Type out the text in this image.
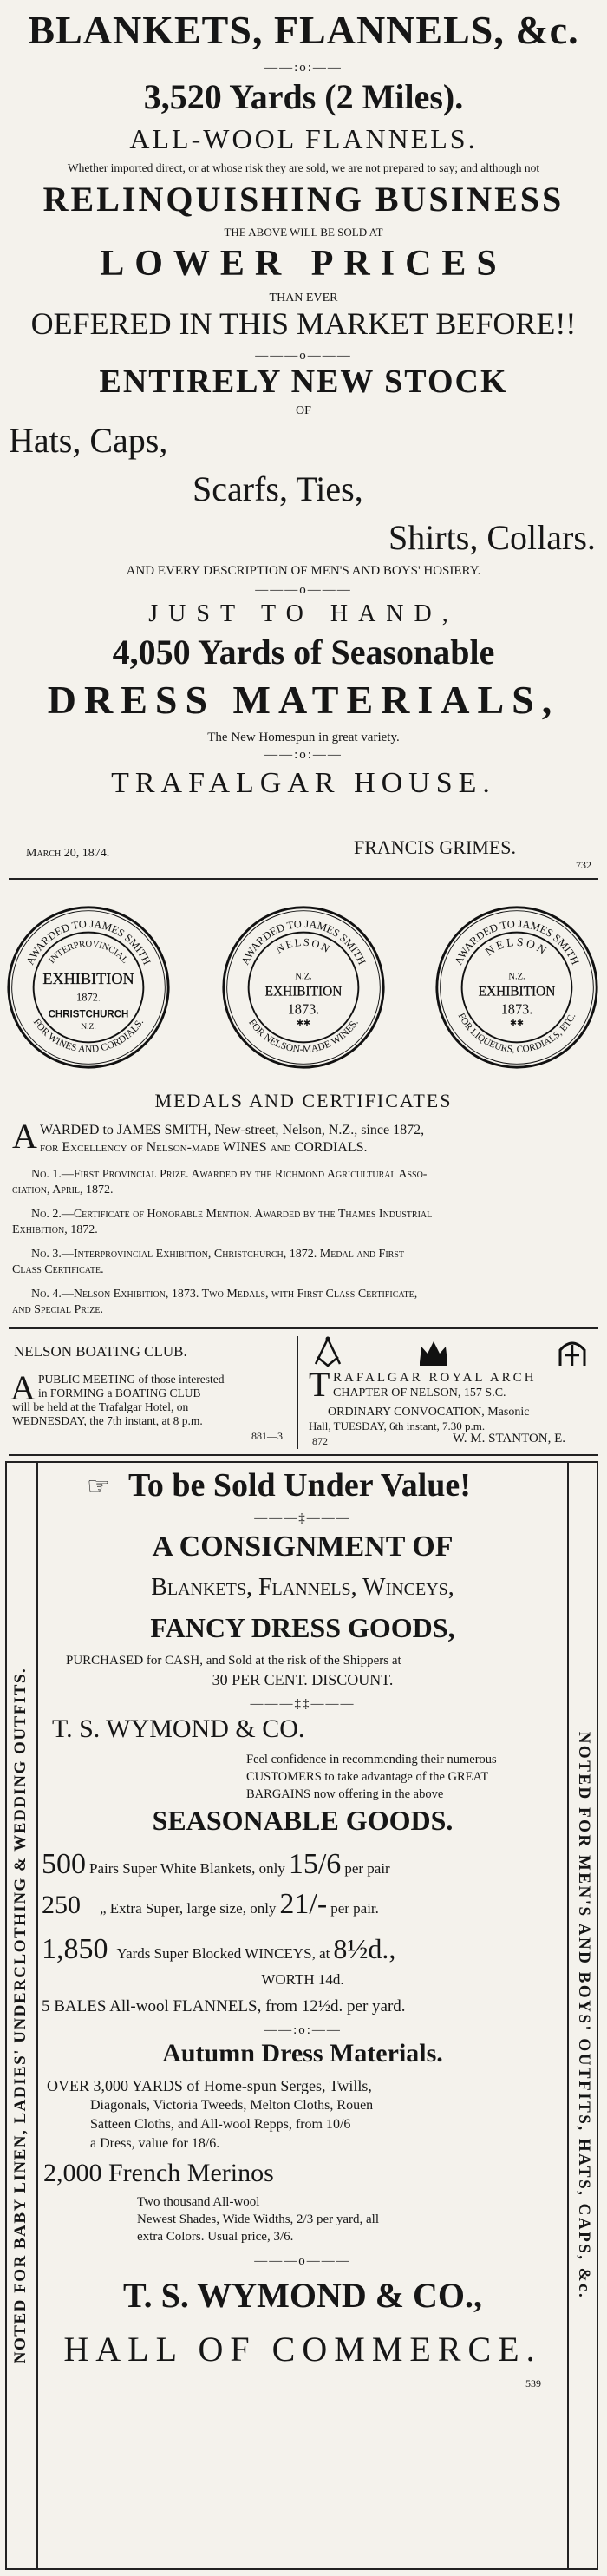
BLANKETS, FLANNELS, &c.
——:o:——
3,520 Yards (2 Miles).
ALL-WOOL FLANNELS.
Whether imported direct, or at whose risk they are sold, we are not prepared to say; and although not
RELINQUISHING BUSINESS
THE ABOVE WILL BE SOLD AT
LOWER PRICES
THAN EVER
OEFERED IN THIS MARKET BEFORE!!
———o———
ENTIRELY NEW STOCK
OF
Hats, Caps,
Scarfs, Ties,
Shirts, Collars.
AND EVERY DESCRIPTION OF MEN'S AND BOYS' HOSIERY.
———o———
JUST TO HAND,
4,050 Yards of Seasonable
DRESS MATERIALS,
The New Homespun in great variety.
——:o:——
TRAFALGAR HOUSE.
March 20, 1874.	FRANCIS GRIMES.
732
AWARDED TO JAMES SMITH
FOR WINES AND CORDIALS.
INTERPROVINCIAL
EXHIBITION
1872.
CHRISTCHURCH
N.Z.
AWARDED TO JAMES SMITH
FOR NELSON-MADE WINES.
NELSON
N.Z.
EXHIBITION
1873.
✱✱
AWARDED TO JAMES SMITH
FOR LIQUEURS, CORDIALS, ETC.
NELSON
N.Z.
EXHIBITION
1873.
✱✱
MEDALS AND CERTIFICATES
A WARDED to JAMES SMITH, New-street, Nelson, N.Z., since 1872,
for Excellency of Nelson-made WINES and CORDIALS.
No. 1.—First Provincial Prize. Awarded by the Richmond Agricultural Asso-
ciation, April, 1872.
No. 2.—Certificate of Honorable Mention. Awarded by the Thames Industrial
Exhibition, 1872.
No. 3.—Interprovincial Exhibition, Christchurch, 1872. Medal and First
Class Certificate.
No. 4.—Nelson Exhibition, 1873. Two Medals, with First Class Certificate,
and Special Prize.
NELSON BOATING CLUB.
A PUBLIC MEETING of those interested
in FORMING a BOATING CLUB
will be held at the Trafalgar Hotel, on
WEDNESDAY, the 7th instant, at 8 p.m.
881—3
T RAFALGAR ROYAL ARCH
CHAPTER OF NELSON, 157 S.C.
ORDINARY CONVOCATION, Masonic
Hall, TUESDAY, 6th instant, 7.30 p.m.
872	W. M. STANTON, E.
NOTED FOR BABY LINEN, LADIES' UNDERCLOTHING & WEDDING OUTFITS.	NOTED FOR MEN'S AND BOYS' OUTFITS, HATS, CAPS, &c.
☞ To be Sold Under Value!
———‡———
A CONSIGNMENT OF
Blankets, Flannels, Winceys,
FANCY DRESS GOODS,
PURCHASED for CASH, and Sold at the risk of the Shippers at
30 PER CENT. DISCOUNT.
———‡‡———
T. S. WYMOND & CO.
Feel confidence in recommending their numerous
CUSTOMERS to take advantage of the GREAT
BARGAINS now offering in the above
SEASONABLE GOODS.
500 Pairs Super White Blankets, only 15/6 per pair
250 „ Extra Super, large size, only 21/- per pair.
1,850 Yards Super Blocked WINCEYS, at 8½d.,
WORTH 14d.
5 BALES All-wool FLANNELS, from 12½d. per yard.
——:o:——
Autumn Dress Materials.
OVER 3,000 YARDS of Home-spun Serges, Twills,
Diagonals, Victoria Tweeds, Melton Cloths, Rouen
Satteen Cloths, and All-wool Repps, from 10/6
a Dress, value for 18/6.
2,000 French Merinos
Two thousand All-wool
Newest Shades, Wide Widths, 2/3 per yard, all
extra Colors. Usual price, 3/6.
———o———
T. S. WYMOND & CO.,
HALL OF COMMERCE.
539
